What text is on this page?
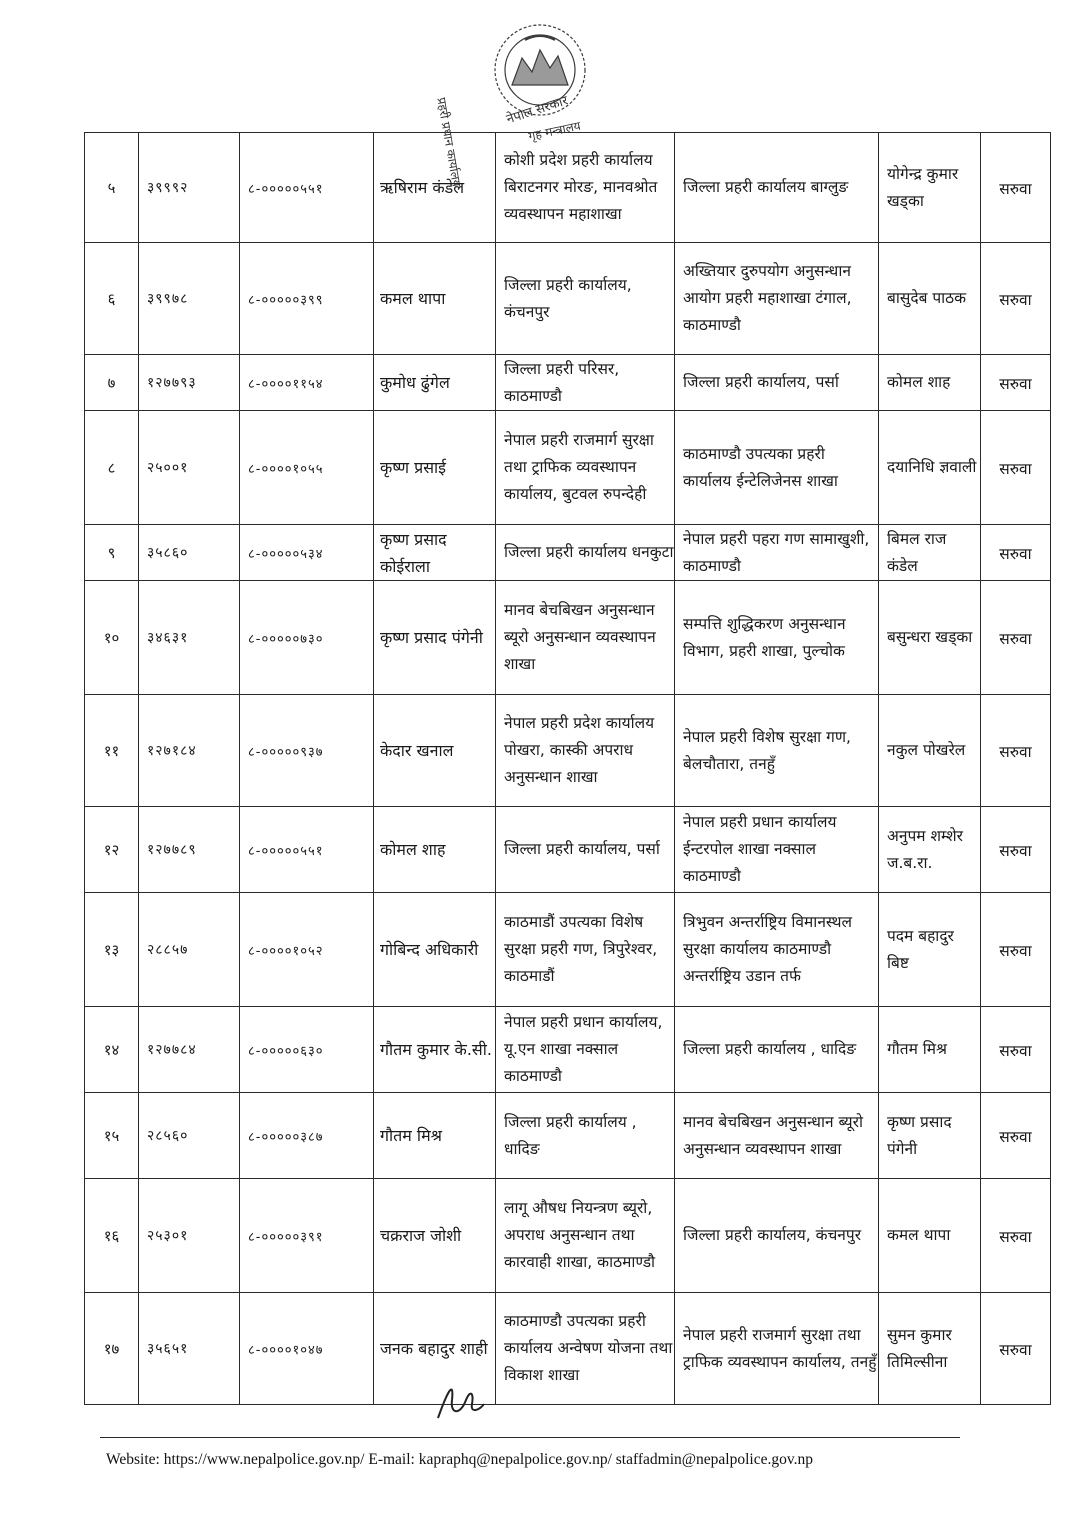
नेपाल सरकार
गृह मन्त्रालय
प्रहरी प्रधान कार्यालय
५	३९९९२	८-०००००५५१	ऋषिराम कंडेल	कोशी प्रदेश प्रहरी कार्यालय बिराटनगर मोरङ, मानवश्रोत व्यवस्थापन महाशाखा	जिल्ला प्रहरी कार्यालय बाग्लुङ	योगेन्द्र कुमार खड्का	सरुवा
६	३९९७८	८-०००००३९९	कमल थापा	जिल्ला प्रहरी कार्यालय, कंचनपुर	अख्तियार दुरुपयोग अनुसन्धान आयोग प्रहरी महाशाखा टंगाल, काठमाण्डौ	बासुदेब पाठक	सरुवा
७	१२७७९३	८-००००११५४	कुमोध ढुंगेल	जिल्ला प्रहरी परिसर, काठमाण्डौ	जिल्ला प्रहरी कार्यालय, पर्सा	कोमल शाह	सरुवा
८	२५००१	८-००००१०५५	कृष्ण प्रसाई	नेपाल प्रहरी राजमार्ग सुरक्षा तथा ट्राफिक व्यवस्थापन कार्यालय, बुटवल रुपन्देही	काठमाण्डौ उपत्यका प्रहरी कार्यालय ईन्टेलिजेनस शाखा	दयानिधि ज्ञवाली	सरुवा
९	३५८६०	८-०००००५३४	कृष्ण प्रसाद कोईराला	जिल्ला प्रहरी कार्यालय धनकुटा	नेपाल प्रहरी पहरा गण सामाखुशी, काठमाण्डौ	बिमल राज कंडेल	सरुवा
१०	३४६३१	८-०००००७३०	कृष्ण प्रसाद पंगेनी	मानव बेचबिखन अनुसन्धान ब्यूरो अनुसन्धान व्यवस्थापन शाखा	सम्पत्ति शुद्धिकरण अनुसन्धान विभाग, प्रहरी शाखा, पुल्चोक	बसुन्धरा खड्का	सरुवा
११	१२७१८४	८-०००००९३७	केदार खनाल	नेपाल प्रहरी प्रदेश कार्यालय पोखरा, कास्की अपराध अनुसन्धान शाखा	नेपाल प्रहरी विशेष सुरक्षा गण, बेलचौतारा, तनहुँ	नकुल पोखरेल	सरुवा
१२	१२७७८९	८-०००००५५१	कोमल शाह	जिल्ला प्रहरी कार्यालय, पर्सा	नेपाल प्रहरी प्रधान कार्यालय ईन्टरपोल शाखा नक्साल काठमाण्डौ	अनुपम शम्शेर ज.ब.रा.	सरुवा
१३	२८८५७	८-००००१०५२	गोबिन्द अधिकारी	काठमाडौं उपत्यका विशेष सुरक्षा प्रहरी गण, त्रिपुरेश्वर, काठमाडौं	त्रिभुवन अन्तर्राष्ट्रिय विमानस्थल सुरक्षा कार्यालय काठमाण्डौ अन्तर्राष्ट्रिय उडान तर्फ	पदम बहादुर बिष्ट	सरुवा
१४	१२७७८४	८-०००००६३०	गौतम कुमार के.सी.	नेपाल प्रहरी प्रधान कार्यालय, यू.एन शाखा नक्साल काठमाण्डौ	जिल्ला प्रहरी कार्यालय , धादिङ	गौतम मिश्र	सरुवा
१५	२८५६०	८-०००००३८७	गौतम मिश्र	जिल्ला प्रहरी कार्यालय , धादिङ	मानव बेचबिखन अनुसन्धान ब्यूरो अनुसन्धान व्यवस्थापन शाखा	कृष्ण प्रसाद पंगेनी	सरुवा
१६	२५३०१	८-०००००३९१	चक्रराज जोशी	लागू औषध नियन्त्रण ब्यूरो, अपराध अनुसन्धान तथा कारवाही शाखा, काठमाण्डौ	जिल्ला प्रहरी कार्यालय, कंचनपुर	कमल थापा	सरुवा
१७	३५६५१	८-००००१०४७	जनक बहादुर शाही	काठमाण्डौ उपत्यका प्रहरी कार्यालय अन्वेषण योजना तथा विकाश शाखा	नेपाल प्रहरी राजमार्ग सुरक्षा तथा ट्राफिक व्यवस्थापन कार्यालय, तनहुँ	सुमन कुमार तिमिल्सीना	सरुवा
Website: https://www.nepalpolice.gov.np/ E-mail: kapraphq@nepalpolice.gov.np/ staffadmin@nepalpolice.gov.np
